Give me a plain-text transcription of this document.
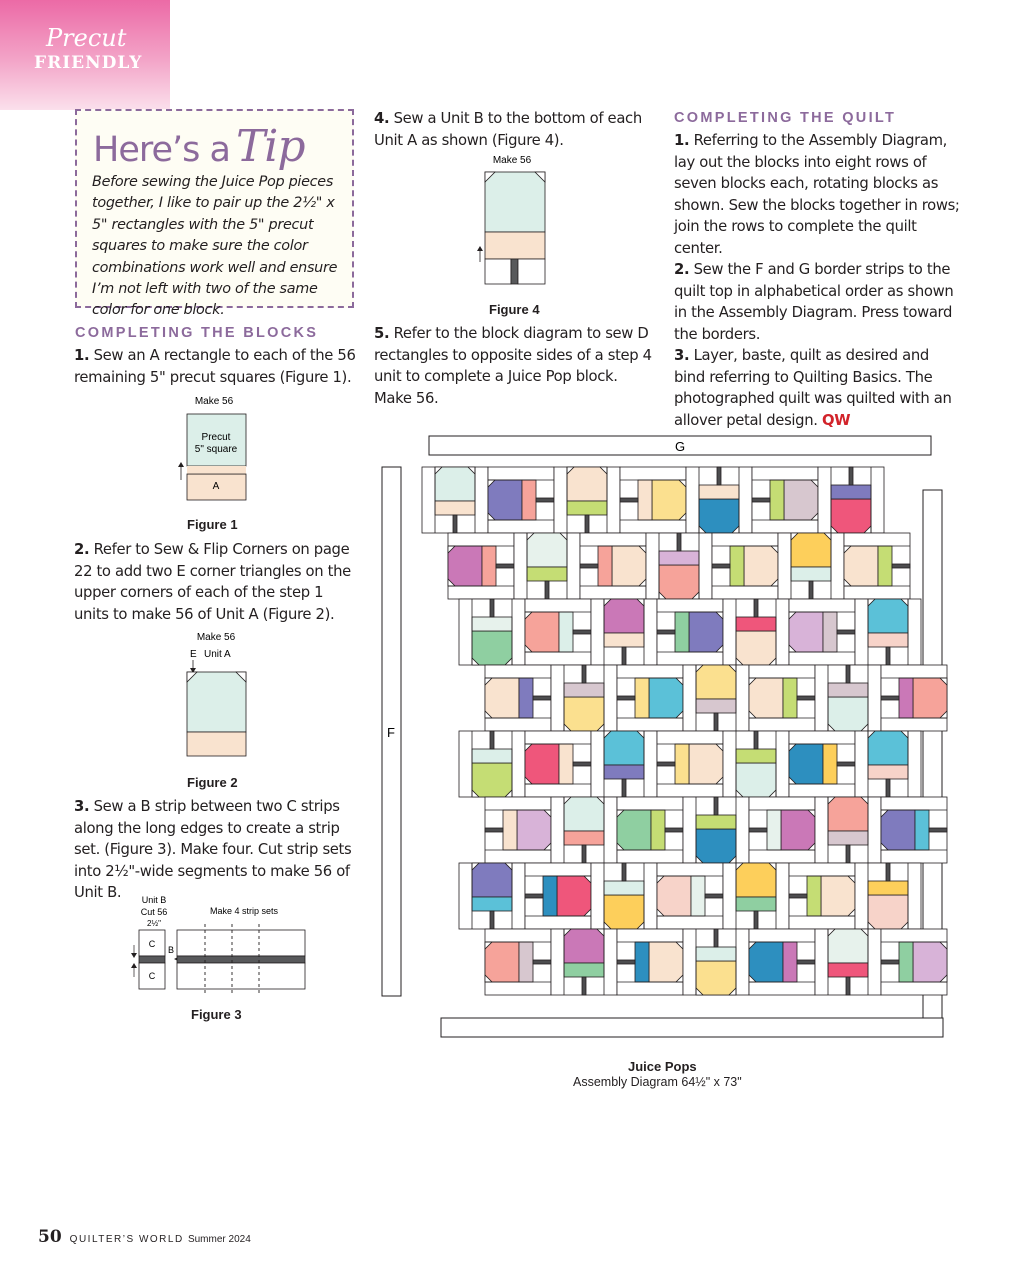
Precut
FRIENDLY
Here’s a Tip
Before sewing the Juice Pop pieces together, I like to pair up the 2½" x 5" rectangles with the 5" precut squares to make sure the color combinations work well and ensure I’m not left with two of the same color for one block.
COMPLETING THE BLOCKS
1. Sew an A rectangle to each of the 56 remaining 5" precut squares (Figure 1).
Make 56
Precut
5" square
A
Figure 1
2. Refer to Sew & Flip Corners on page 22 to add two E corner triangles on the upper corners of each of the step 1 units to make 56 of Unit A (Figure 2).
Make 56
E Unit A
Figure 2
3. Sew a B strip between two C strips along the long edges to create a strip set. (Figure 3). Make four. Cut strip sets into 2½"-wide segments to make 56 of Unit B.	Unit B
Cut 56
2½"
Make 4 strip sets
C
B
C
Figure 3
4. Sew a Unit B to the bottom of each Unit A as shown (Figure 4).
Make 56
Figure 4
5. Refer to the block diagram to sew D rectangles to opposite sides of a step 4 unit to complete a Juice Pop block. Make 56.
COMPLETING THE QUILT
1. Referring to the Assembly Diagram, lay out the blocks into eight rows of seven blocks each, rotating blocks as shown. Sew the blocks together in rows; join the rows to complete the quilt center.
2. Sew the F and G border strips to the quilt top in alphabetical order as shown in the Assembly Diagram. Press toward the borders.
3. Layer, baste, quilt as desired and bind referring to Quilting Basics. The photographed quilt was quilted with an allover petal design. QW
G
F
Juice Pops
Assembly Diagram 64½" x 73"
50 QUILTER’S WORLD Summer 2024
